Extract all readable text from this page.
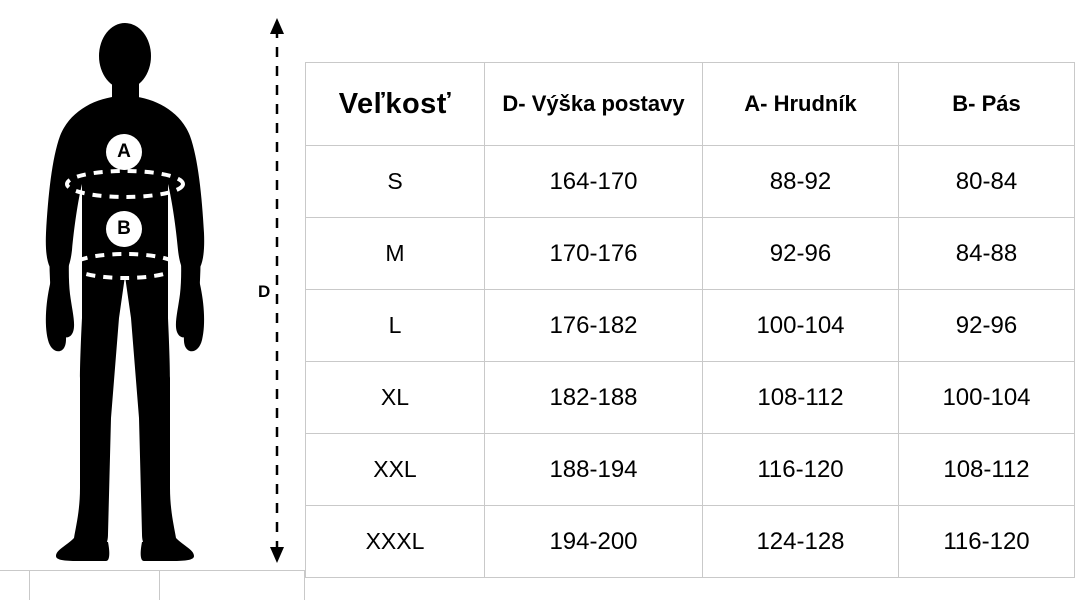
A
B
D
Veľkosť	D- Výška postavy	A- Hrudník	B- Pás
S	164-170	88-92	80-84
M	170-176	92-96	84-88
L	176-182	100-104	92-96
XL	182-188	108-112	100-104
XXL	188-194	116-120	108-112
XXXL	194-200	124-128	116-120
